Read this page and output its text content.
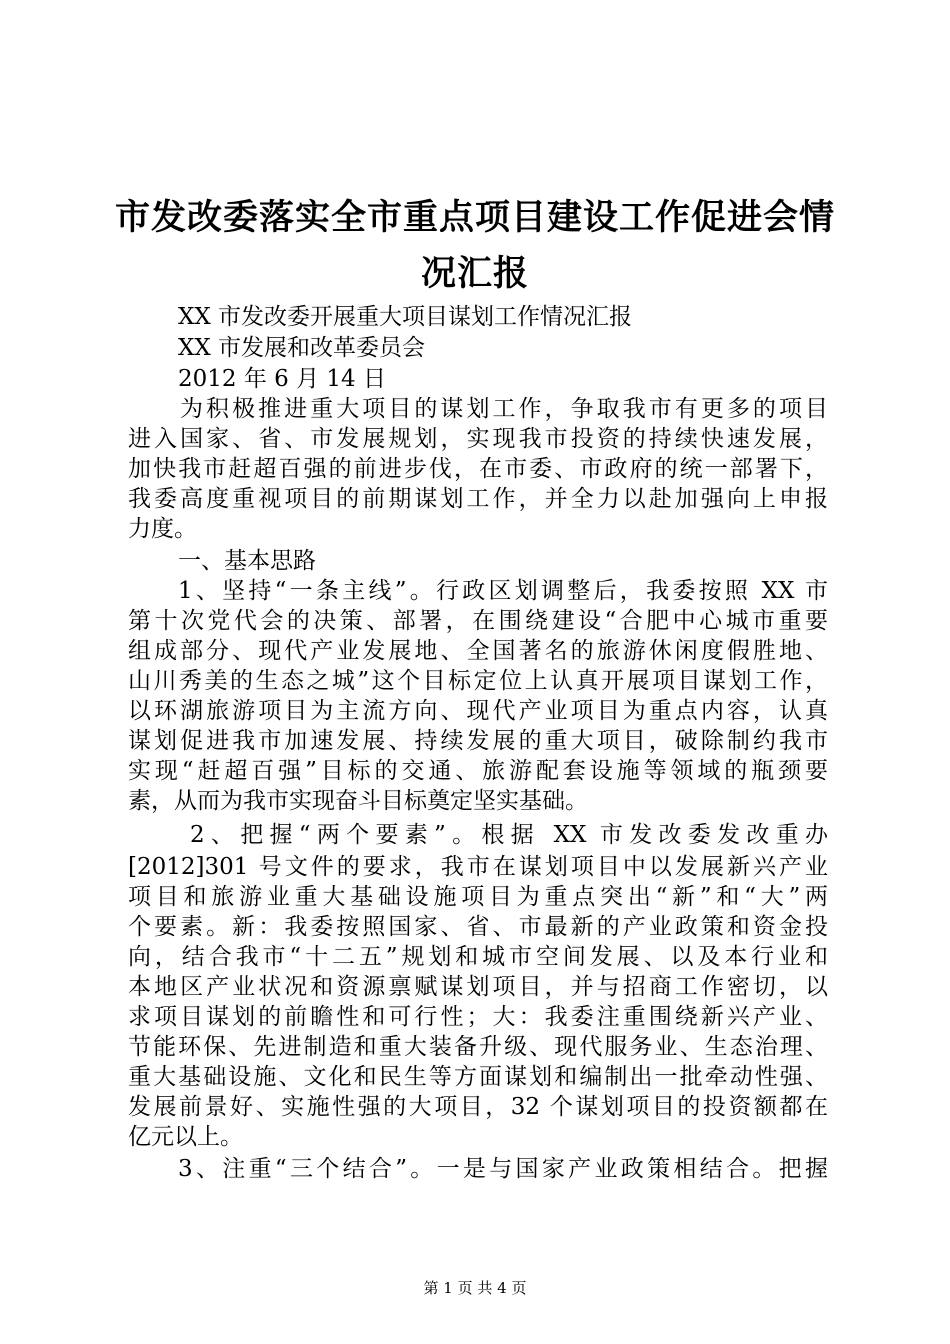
市发改委落实全市重点项目建设工作促进会情
况汇报
XX 市发改委开展重大项目谋划工作情况汇报
XX 市发展和改革委员会
2012 年 6 月 14 日
为积极推进重大项目的谋划工作，争取我市有更多的项目
进入国家、省、市发展规划，实现我市投资的持续快速发展，
加快我市赶超百强的前进步伐，在市委、市政府的统一部署下，
我委高度重视项目的前期谋划工作，并全力以赴加强向上申报
力度。
一、基本思路
1、坚持“一条主线”。行政区划调整后，我委按照 XX 市
第十次党代会的决策、部署，在围绕建设“合肥中心城市重要
组成部分、现代产业发展地、全国著名的旅游休闲度假胜地、
山川秀美的生态之城”这个目标定位上认真开展项目谋划工作，
以环湖旅游项目为主流方向、现代产业项目为重点内容，认真
谋划促进我市加速发展、持续发展的重大项目，破除制约我市
实现“赶超百强”目标的交通、旅游配套设施等领域的瓶颈要
素，从而为我市实现奋斗目标奠定坚实基础。
2、把握“两个要素”。根据 XX 市发改委发改重办
[2012]301 号文件的要求，我市在谋划项目中以发展新兴产业
项目和旅游业重大基础设施项目为重点突出“新”和“大”两
个要素。新：我委按照国家、省、市最新的产业政策和资金投
向，结合我市“十二五”规划和城市空间发展、以及本行业和
本地区产业状况和资源禀赋谋划项目，并与招商工作密切，以
求项目谋划的前瞻性和可行性；大：我委注重围绕新兴产业、
节能环保、先进制造和重大装备升级、现代服务业、生态治理、
重大基础设施、文化和民生等方面谋划和编制出一批牵动性强、
发展前景好、实施性强的大项目，32 个谋划项目的投资额都在
亿元以上。
3、注重“三个结合”。一是与国家产业政策相结合。把握
第 1 页 共 4 页
